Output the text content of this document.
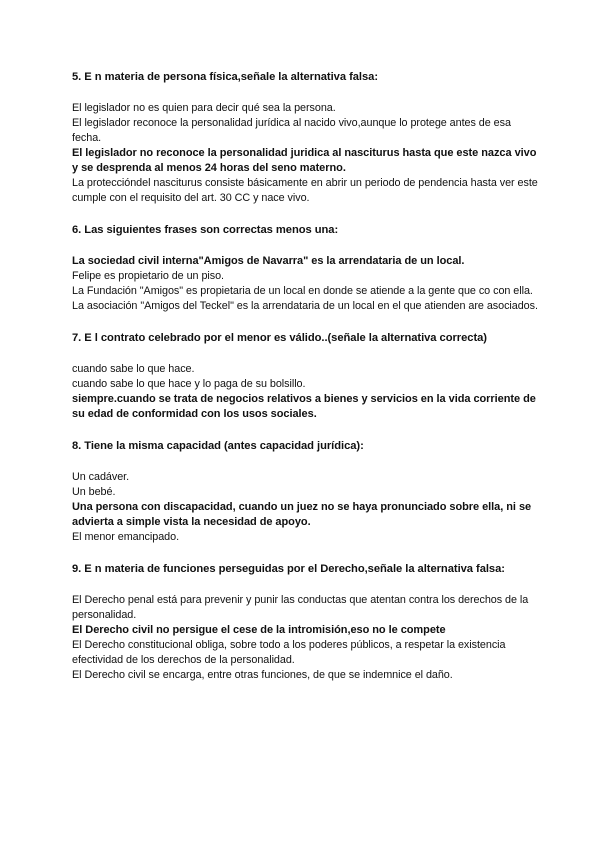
5. E n materia de persona física,señale la alternativa falsa:

El legislador no es quien para decir qué sea la persona.

El legislador reconoce la personalidad jurídica al nacido vivo,aunque lo protege antes de esa fecha.

El legislador no reconoce la personalidad juridica al nasciturus hasta que este nazca vivo y se desprenda al menos 24 horas del seno materno.

La proteccióndel nasciturus consiste básicamente en abrir un periodo de pendencia hasta ver este cumple con el requisito del art. 30 CC y nace vivo.

6. Las siguientes frases son correctas menos una:

La sociedad civil interna"Amigos de Navarra" es la arrendataria de un local.

Felipe es propietario de un piso.

La Fundación "Amigos" es propietaria de un local en donde se atiende a la gente que co con ella.

La asociación "Amigos del Teckel" es la arrendataria de un local en el que atienden are asociados.

7. E l contrato celebrado por el menor es válido..(señale la alternativa correcta)

cuando sabe lo que hace.

cuando sabe lo que hace y lo paga de su bolsillo.

siempre.cuando se trata de negocios relativos a bienes y servicios en la vida corriente de su edad de conformidad con los usos sociales.

8. Tiene la misma capacidad (antes capacidad jurídica):

Un cadáver.

Un bebé.

Una persona con discapacidad, cuando un juez no se haya pronunciado sobre ella, ni se advierta a simple vista la necesidad de apoyo.

El menor emancipado.

9. E n materia de funciones perseguidas por el Derecho,señale la alternativa falsa:

El Derecho penal está para prevenir y punir las conductas que atentan contra los derechos de la personalidad.

El Derecho civil no persigue el cese de la intromisión,eso no le compete

El Derecho constitucional obliga, sobre todo a los poderes públicos, a respetar la existencia efectividad de los derechos de la personalidad.

El Derecho civil se encarga, entre otras funciones, de que se indemnice el daño.
